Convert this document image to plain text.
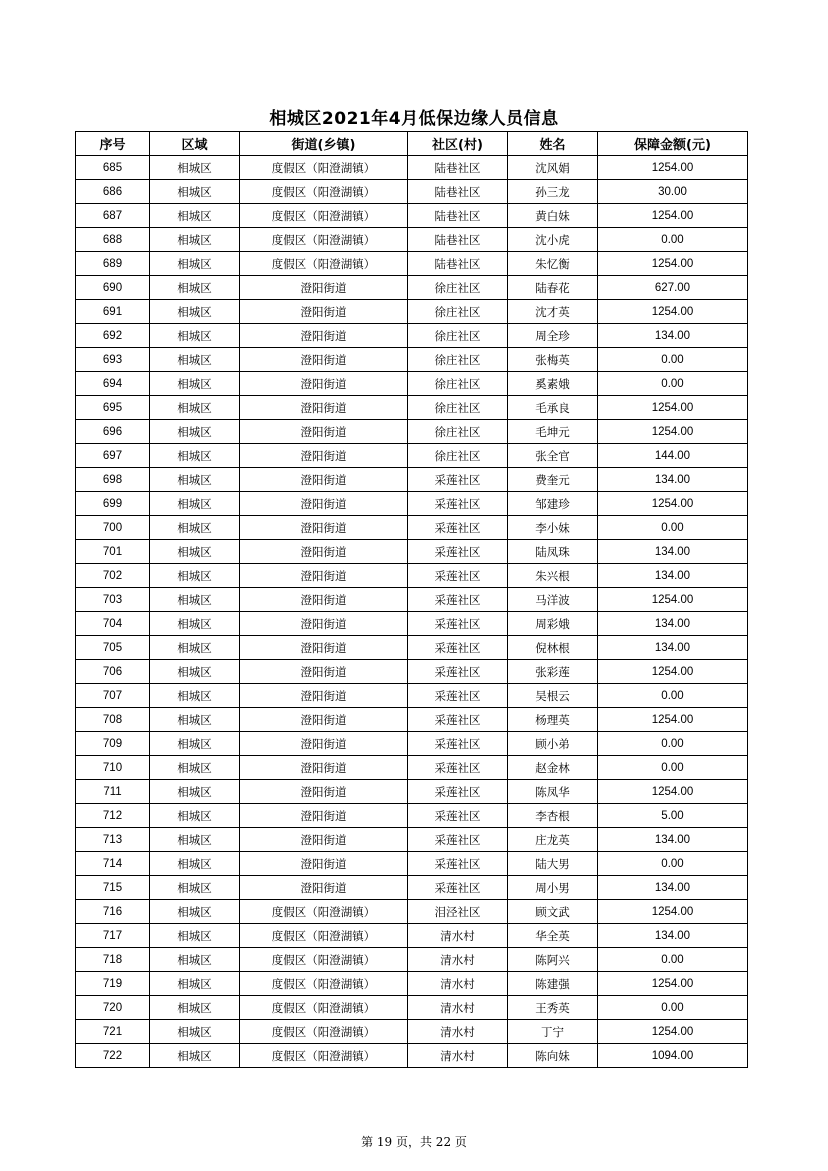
相城区2021年4月低保边缘人员信息
序号	区域	街道(乡镇)	社区(村)	姓名	保障金额(元)
685	相城区	度假区（阳澄湖镇）	陆巷社区	沈风娟	1254.00
686	相城区	度假区（阳澄湖镇）	陆巷社区	孙三龙	30.00
687	相城区	度假区（阳澄湖镇）	陆巷社区	黄白妹	1254.00
688	相城区	度假区（阳澄湖镇）	陆巷社区	沈小虎	0.00
689	相城区	度假区（阳澄湖镇）	陆巷社区	朱忆衡	1254.00
690	相城区	澄阳街道	徐庄社区	陆春花	627.00
691	相城区	澄阳街道	徐庄社区	沈才英	1254.00
692	相城区	澄阳街道	徐庄社区	周全珍	134.00
693	相城区	澄阳街道	徐庄社区	张梅英	0.00
694	相城区	澄阳街道	徐庄社区	奚素娥	0.00
695	相城区	澄阳街道	徐庄社区	毛承良	1254.00
696	相城区	澄阳街道	徐庄社区	毛坤元	1254.00
697	相城区	澄阳街道	徐庄社区	张全官	144.00
698	相城区	澄阳街道	采莲社区	费奎元	134.00
699	相城区	澄阳街道	采莲社区	邹建珍	1254.00
700	相城区	澄阳街道	采莲社区	李小妹	0.00
701	相城区	澄阳街道	采莲社区	陆凤珠	134.00
702	相城区	澄阳街道	采莲社区	朱兴根	134.00
703	相城区	澄阳街道	采莲社区	马洋波	1254.00
704	相城区	澄阳街道	采莲社区	周彩娥	134.00
705	相城区	澄阳街道	采莲社区	倪林根	134.00
706	相城区	澄阳街道	采莲社区	张彩莲	1254.00
707	相城区	澄阳街道	采莲社区	吴根云	0.00
708	相城区	澄阳街道	采莲社区	杨理英	1254.00
709	相城区	澄阳街道	采莲社区	顾小弟	0.00
710	相城区	澄阳街道	采莲社区	赵金林	0.00
711	相城区	澄阳街道	采莲社区	陈凤华	1254.00
712	相城区	澄阳街道	采莲社区	李杏根	5.00
713	相城区	澄阳街道	采莲社区	庄龙英	134.00
714	相城区	澄阳街道	采莲社区	陆大男	0.00
715	相城区	澄阳街道	采莲社区	周小男	134.00
716	相城区	度假区（阳澄湖镇）	泪泾社区	顾文武	1254.00
717	相城区	度假区（阳澄湖镇）	清水村	华全英	134.00
718	相城区	度假区（阳澄湖镇）	清水村	陈阿兴	0.00
719	相城区	度假区（阳澄湖镇）	清水村	陈建强	1254.00
720	相城区	度假区（阳澄湖镇）	清水村	王秀英	0.00
721	相城区	度假区（阳澄湖镇）	清水村	丁宁	1254.00
722	相城区	度假区（阳澄湖镇）	清水村	陈向妹	1094.00
第 19 页，共 22 页
